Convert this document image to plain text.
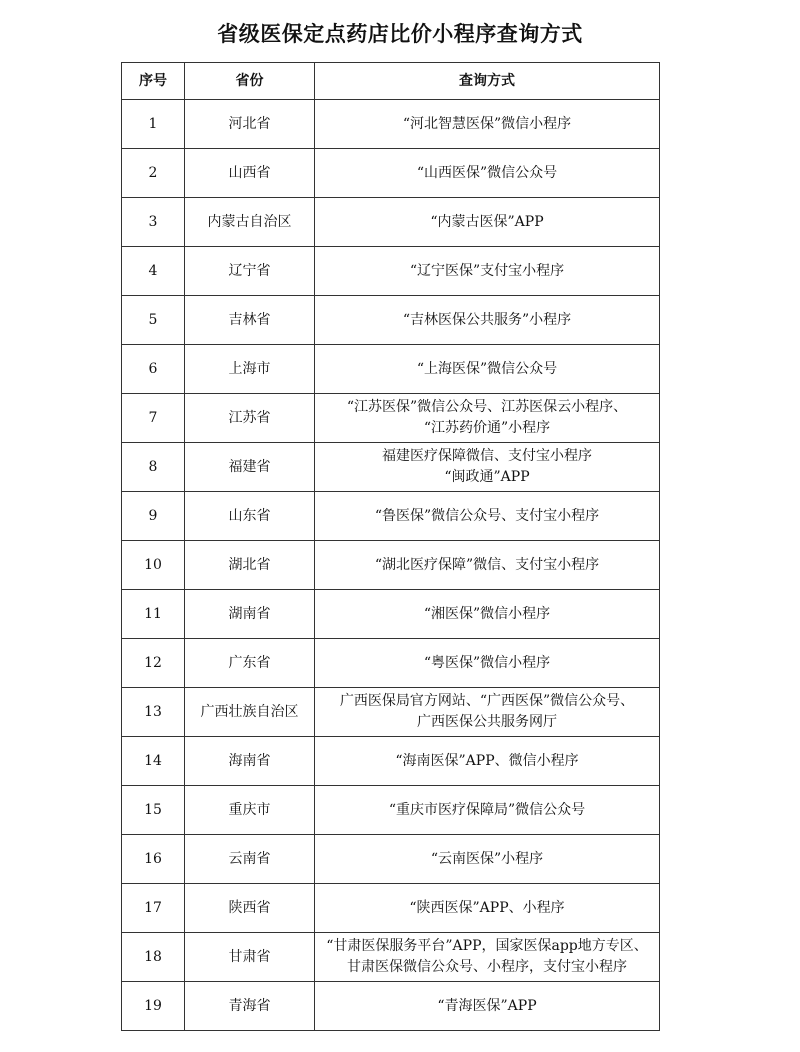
省级医保定点药店比价小程序查询方式
序号	省份	查询方式
1	河北省	“河北智慧医保”微信小程序

2	山西省	“山西医保”微信公众号

3	内蒙古自治区	“内蒙古医保”APP

4	辽宁省	“辽宁医保”支付宝小程序

5	吉林省	“吉林医保公共服务”小程序

6	上海市	“上海医保”微信公众号

7	江苏省	“江苏医保”微信公众号、江苏医保云小程序、
“江苏药价通”小程序

8	福建省	福建医疗保障微信、支付宝小程序
“闽政通”APP

9	山东省	“鲁医保”微信公众号、支付宝小程序

10	湖北省	“湖北医疗保障”微信、支付宝小程序

11	湖南省	“湘医保”微信小程序

12	广东省	“粤医保”微信小程序

13	广西壮族自治区	广西医保局官方网站、“广西医保”微信公众号、
广西医保公共服务网厅

14	海南省	“海南医保”APP、微信小程序

15	重庆市	“重庆市医疗保障局”微信公众号

16	云南省	“云南医保”小程序

17	陕西省	“陕西医保”APP、小程序

18	甘肃省	“甘肃医保服务平台”APP，国家医保app地方专区、
甘肃医保微信公众号、小程序，支付宝小程序

19	青海省	“青海医保”APP
